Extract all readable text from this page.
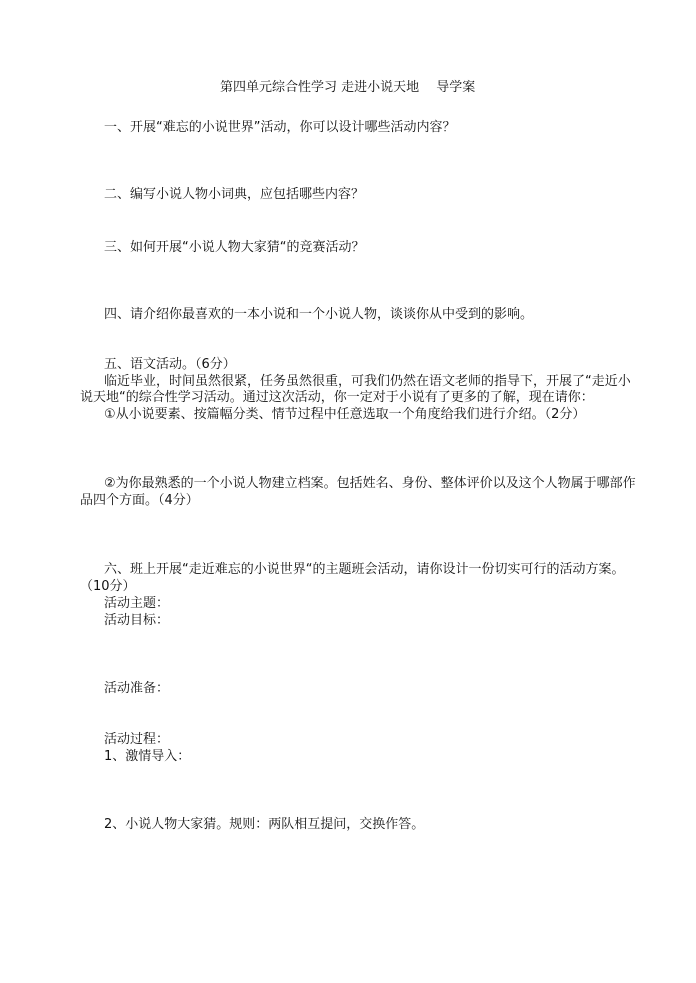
第四单元综合性学习 走进小说天地　 导学案
一、开展“难忘的小说世界”活动，你可以设计哪些活动内容？
二、编写小说人物小词典，应包括哪些内容？
三、如何开展“小说人物大家猜“的竞赛活动？
四、请介绍你最喜欢的一本小说和一个小说人物，谈谈你从中受到的影响。
五、语文活动。（6分）
临近毕业，时间虽然很紧，任务虽然很重，可我们仍然在语文老师的指导下，开展了“走近小
说天地“的综合性学习活动。通过这次活动，你一定对于小说有了更多的了解，现在请你：
①从小说要素、按篇幅分类、情节过程中任意选取一个角度给我们进行介绍。（2分）
②为你最熟悉的一个小说人物建立档案。包括姓名、身份、整体评价以及这个人物属于哪部作
品四个方面。（4分）
六、班上开展“走近难忘的小说世界“的主题班会活动，请你设计一份切实可行的活动方案。
（10分）
活动主题：
活动目标：
活动准备：
活动过程：
1、激情导入：
2、小说人物大家猜。规则：两队相互提问，交换作答。
